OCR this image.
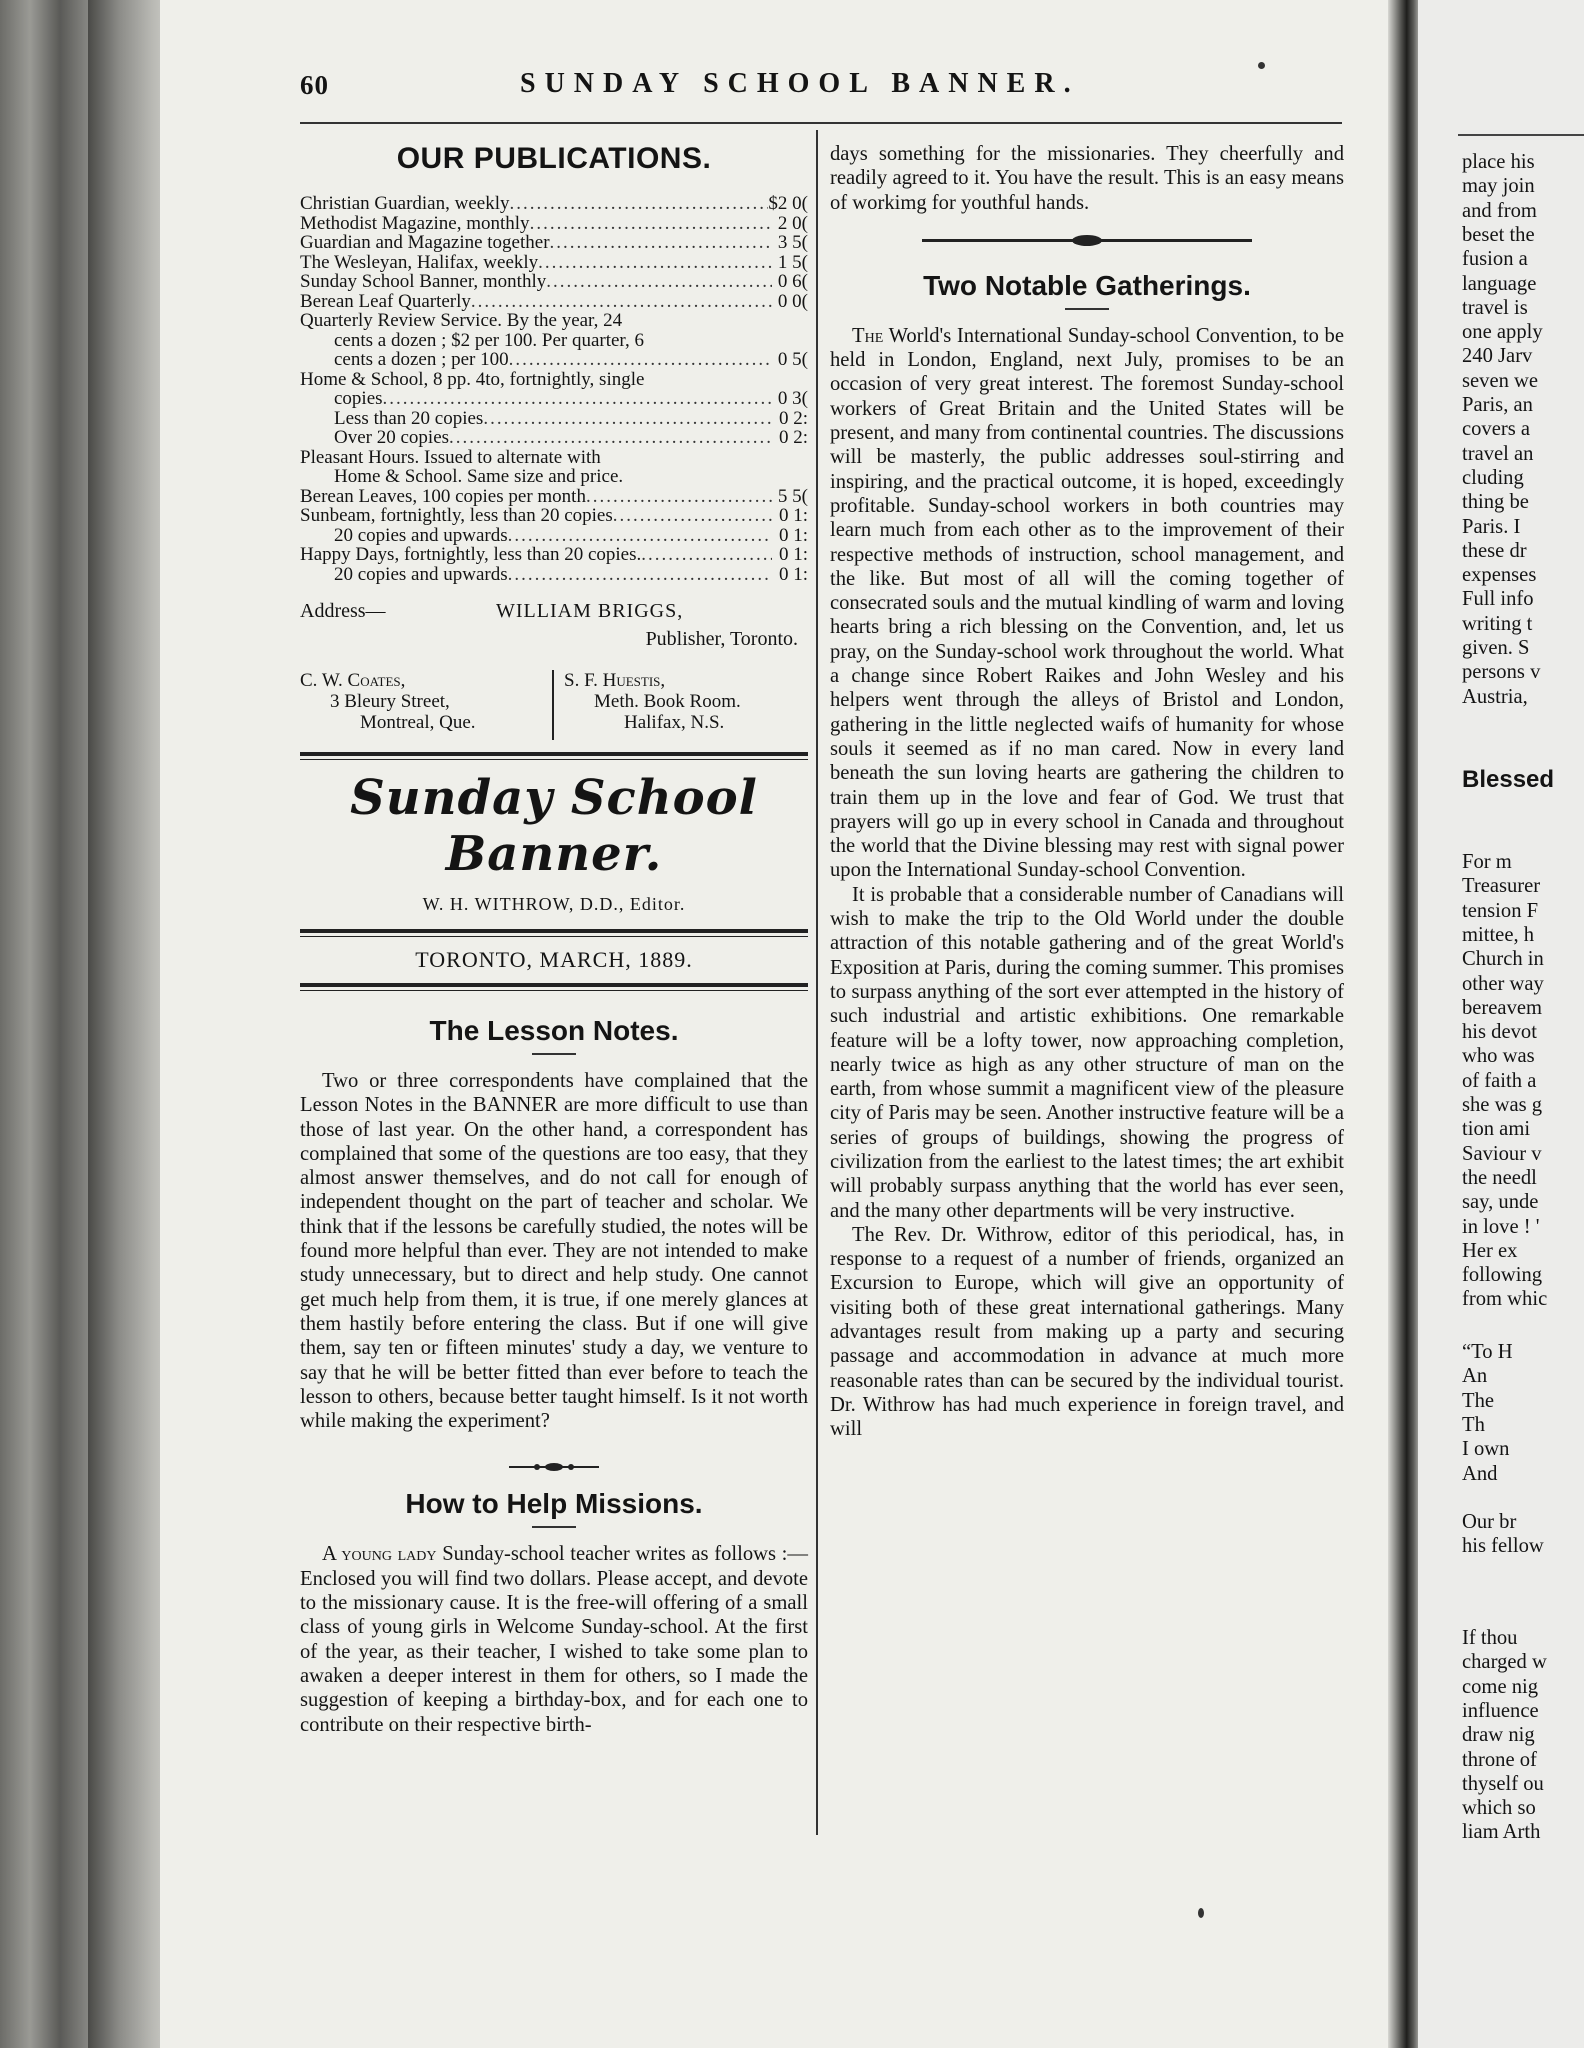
60	SUNDAY SCHOOL BANNER.
OUR PUBLICATIONS.
Christian Guardian, weekly .....	$2 0(
Methodist Magazine, monthly .....	2 0(
Guardian and Magazine together .....	3 5(
The Wesleyan, Halifax, weekly .....	1 5(
Sunday School Banner, monthly .....	0 6(
Berean Leaf Quarterly .....	0 0(
Quarterly Review Service. By the year, 24
cents a dozen ; $2 per 100. Per quarter, 6
cents a dozen ; per 100 .....	0 5(
Home & School, 8 pp. 4to, fortnightly, single
copies .....	0 3(
Less than 20 copies .....	0 2:
Over 20 copies .....	0 2:
Pleasant Hours. Issued to alternate with
Home & School. Same size and price.
Berean Leaves, 100 copies per month .....	5 5(
Sunbeam, fortnightly, less than 20 copies .....	0 1:
20 copies and upwards .....	0 1:
Happy Days, fortnightly, less than 20 copies. .....	0 1:
20 copies and upwards .....	0 1:
Address—	WILLIAM BRIGGS,
Publisher, Toronto.
C. W. Coates,
3 Bleury Street,
Montreal, Que.
S. F. Huestis,
Meth. Book Room.
Halifax, N.S.
Sunday School Banner.
W. H. WITHROW, D.D., Editor.
TORONTO, MARCH, 1889.
The Lesson Notes.

Two or three correspondents have complained that the Lesson Notes in the BANNER are more difficult to use than those of last year. On the other hand, a correspondent has complained that some of the questions are too easy, that they almost answer themselves, and do not call for enough of independent thought on the part of teacher and scholar. We think that if the lessons be carefully studied, the notes will be found more helpful than ever. They are not intended to make study unnecessary, but to direct and help study. One cannot get much help from them, it is true, if one merely glances at them hastily before entering the class. But if one will give them, say ten or fifteen minutes' study a day, we venture to say that he will be better fitted than ever before to teach the lesson to others, because better taught himself. Is it not worth while making the experiment?

How to Help Missions.

A young lady Sunday-school teacher writes as follows :—Enclosed you will find two dollars. Please accept, and devote to the missionary cause. It is the free-will offering of a small class of young girls in Welcome Sunday-school. At the first of the year, as their teacher, I wished to take some plan to awaken a deeper interest in them for others, so I made the suggestion of keeping a birthday-box, and for each one to contribute on their respective birth-

days something for the missionaries. They cheerfully and readily agreed to it. You have the result. This is an easy means of workimg for youthful hands.

Two Notable Gatherings.

The World's International Sunday-school Convention, to be held in London, England, next July, promises to be an occasion of very great interest. The foremost Sunday-school workers of Great Britain and the United States will be present, and many from continental countries. The discussions will be masterly, the public addresses soul-stirring and inspiring, and the practical outcome, it is hoped, exceedingly profitable. Sunday-school workers in both countries may learn much from each other as to the improvement of their respective methods of instruction, school management, and the like. But most of all will the coming together of consecrated souls and the mutual kindling of warm and loving hearts bring a rich blessing on the Convention, and, let us pray, on the Sunday-school work throughout the world. What a change since Robert Raikes and John Wesley and his helpers went through the alleys of Bristol and London, gathering in the little neglected waifs of humanity for whose souls it seemed as if no man cared. Now in every land beneath the sun loving hearts are gathering the children to train them up in the love and fear of God. We trust that prayers will go up in every school in Canada and throughout the world that the Divine blessing may rest with signal power upon the International Sunday-school Convention.

It is probable that a considerable number of Canadians will wish to make the trip to the Old World under the double attraction of this notable gathering and of the great World's Exposition at Paris, during the coming summer. This promises to surpass anything of the sort ever attempted in the history of such industrial and artistic exhibitions. One remarkable feature will be a lofty tower, now approaching completion, nearly twice as high as any other structure of man on the earth, from whose summit a magnificent view of the pleasure city of Paris may be seen. Another instructive feature will be a series of groups of buildings, showing the progress of civilization from the earliest to the latest times; the art exhibit will probably surpass anything that the world has ever seen, and the many other departments will be very instructive.

The Rev. Dr. Withrow, editor of this periodical, has, in response to a request of a number of friends, organized an Excursion to Europe, which will give an opportunity of visiting both of these great international gatherings. Many advantages result from making up a party and securing passage and accommodation in advance at much more reasonable rates than can be secured by the individual tourist. Dr. Withrow has had much experience in foreign travel, and will

place his
may join
and from
beset the
fusion a
language
travel is
one apply
240 Jarv
seven we
Paris, an
covers a
travel an
cluding
thing be
Paris. I
these dr
expenses
Full info
writing t
given. S
persons v
Austria,
Blessed
For m
Treasurer
tension F
mittee, h
Church in
other way
bereavem
his devot
who was
of faith a
she was g
tion ami
Saviour v
the needl
say, unde
in love ! '
Her ex
following
from whic
“To H
An
The
Th
I own
And
Our br
his fellow
If thou
charged w
come nig
influence
draw nig
throne of
thyself ou
which so
liam Arth
